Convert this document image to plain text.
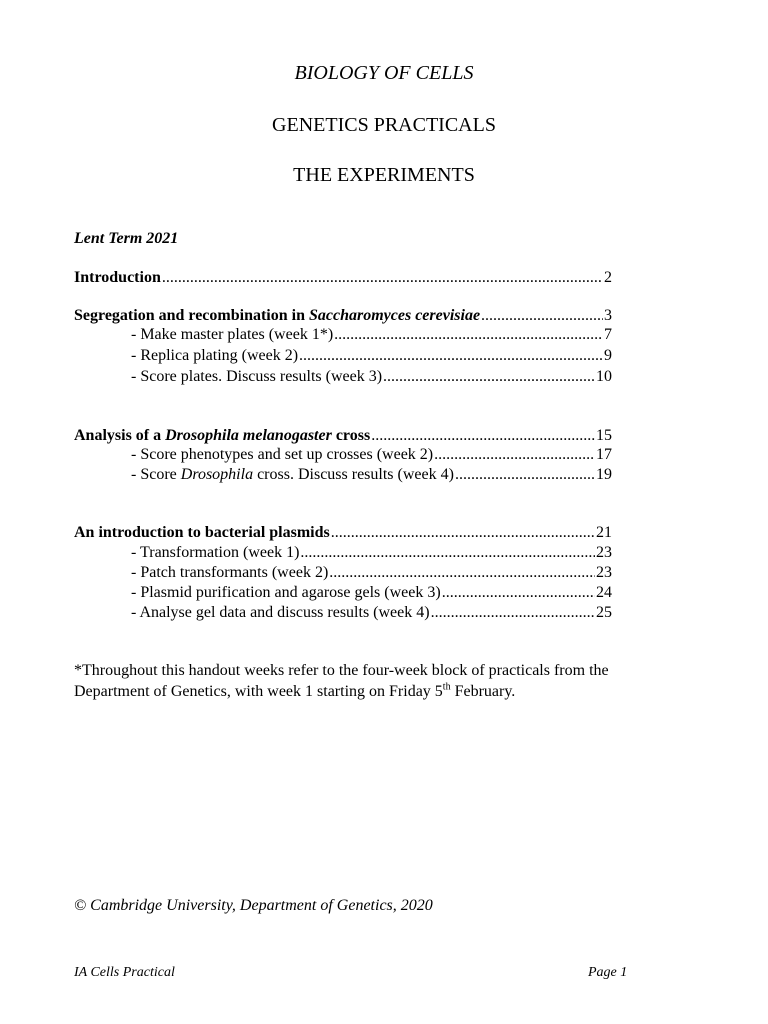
BIOLOGY OF CELLS
GENETICS PRACTICALS
THE EXPERIMENTS

Lent Term 2021

Introduction .....	2
Segregation and recombination in Saccharomyces cerevisiae .....	3
- Make master plates (week 1*) .....	7
- Replica plating (week 2) .....	9
- Score plates. Discuss results (week 3) .....	10
Analysis of a Drosophila melanogaster cross .....	15
- Score phenotypes and set up crosses (week 2) .....	17
- Score Drosophila cross. Discuss results (week 4) .....	19
An introduction to bacterial plasmids .....	21
- Transformation (week 1) .....	23
- Patch transformants (week 2) .....	23
- Plasmid purification and agarose gels (week 3) .....	24
- Analyse gel data and discuss results (week 4) .....	25

*Throughout this handout weeks refer to the four-week block of practicals from the Department of Genetics, with week 1 starting on Friday 5th February.

© Cambridge University, Department of Genetics, 2020

IA Cells Practical	Page 1
